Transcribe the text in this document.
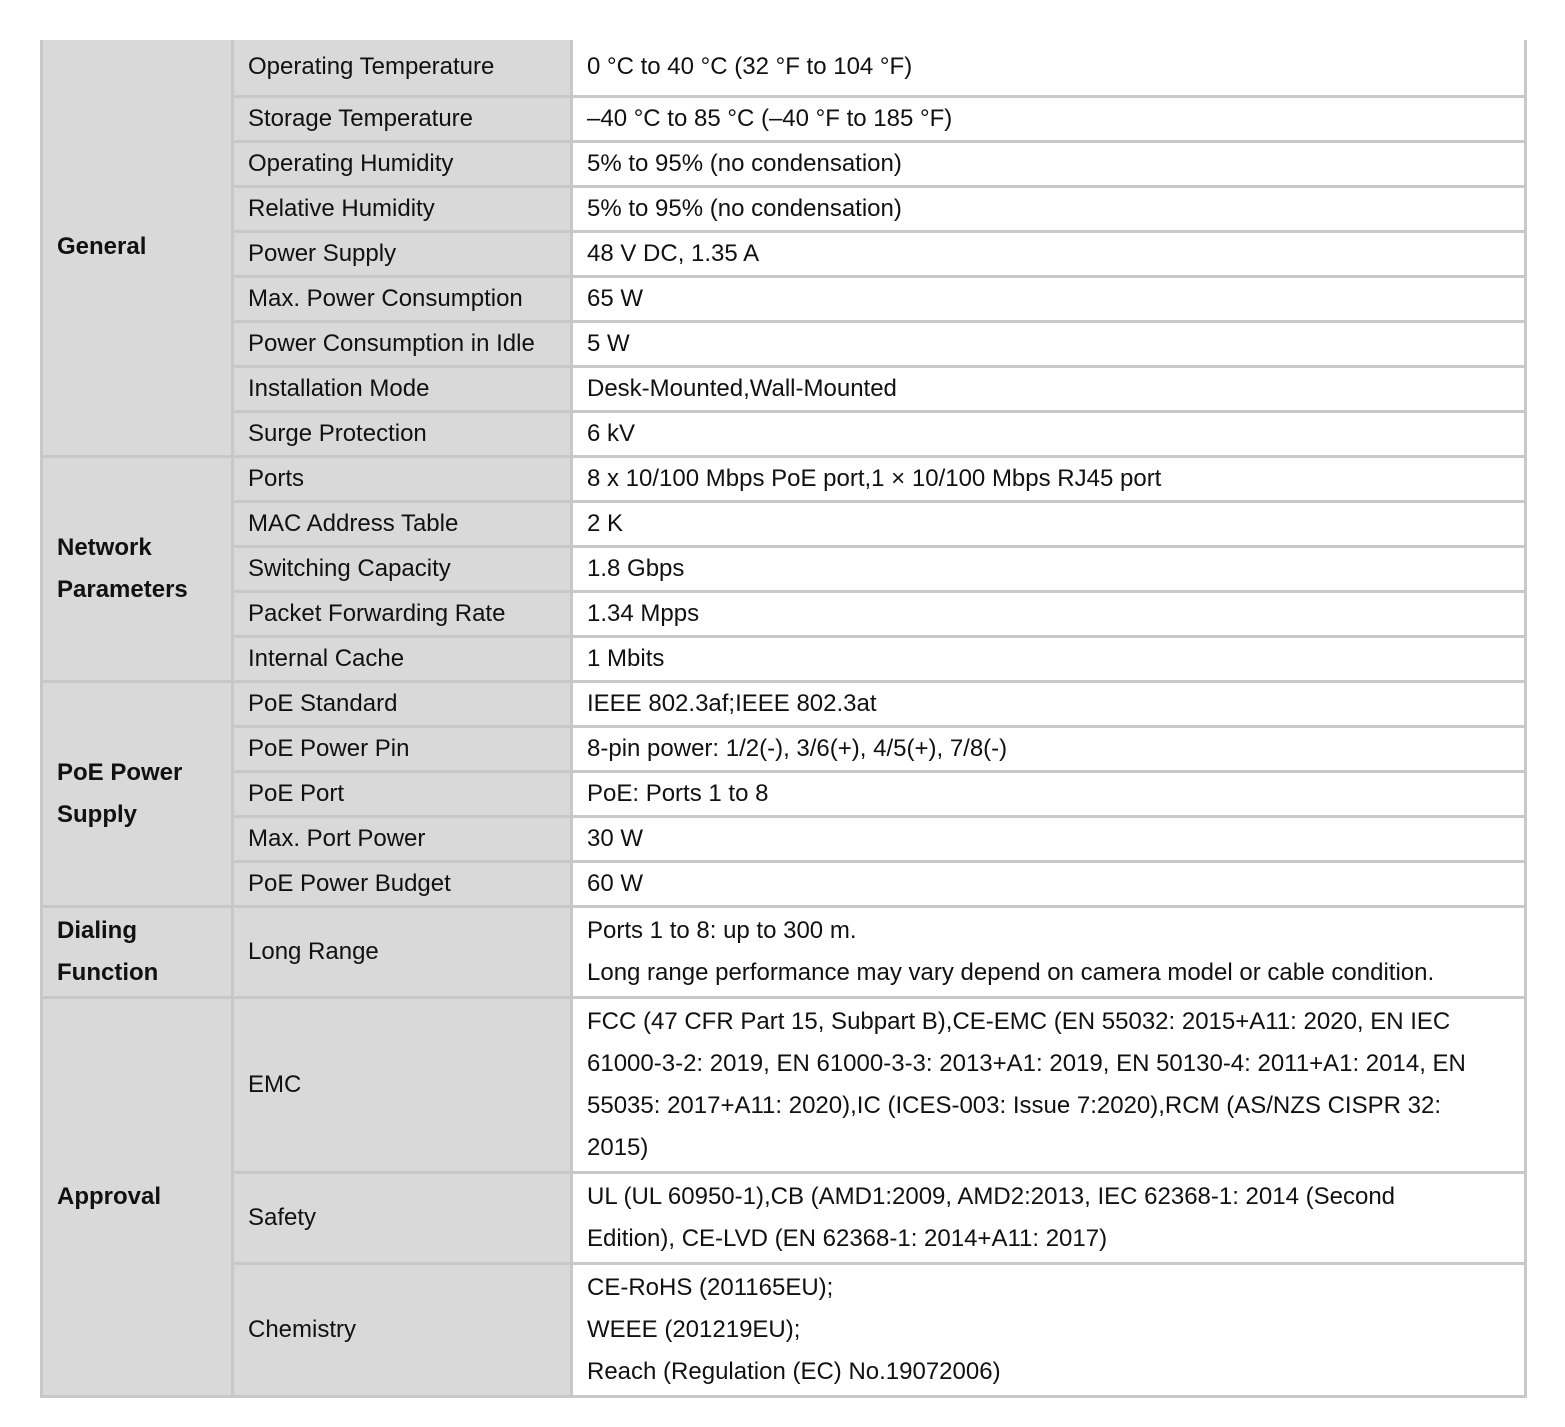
General	Operating Temperature	0 °C to 40 °C (32 °F to 104 °F)

	Storage Temperature	–40 °C to 85 °C (–40 °F to 185 °F)

	Operating Humidity	5% to 95% (no condensation)

	Relative Humidity	5% to 95% (no condensation)

	Power Supply	48 V DC, 1.35 A

	Max. Power Consumption	65 W

	Power Consumption in Idle	5 W

	Installation Mode	Desk-Mounted,Wall-Mounted

	Surge Protection	6 kV

Network Parameters	Ports	8 x 10/100 Mbps PoE port,1 × 10/100 Mbps RJ45 port

	MAC Address Table	2 K

	Switching Capacity	1.8 Gbps

	Packet Forwarding Rate	1.34 Mpps

	Internal Cache	1 Mbits

PoE Power Supply	PoE Standard	IEEE 802.3af;IEEE 802.3at

	PoE Power Pin	8-pin power: 1/2(-), 3/6(+), 4/5(+), 7/8(-)

	PoE Port	PoE: Ports 1 to 8

	Max. Port Power	30 W

	PoE Power Budget	60 W

Dialing Function	Long Range	Ports 1 to 8: up to 300 m.
Long range performance may vary depend on camera model or cable condition.

Approval	EMC	FCC (47 CFR Part 15, Subpart B),CE-EMC (EN 55032: 2015+A11: 2020, EN IEC
61000-3-2: 2019, EN 61000-3-3: 2013+A1: 2019, EN 50130-4: 2011+A1: 2014, EN
55035: 2017+A11: 2020),IC (ICES-003: Issue 7:2020),RCM (AS/NZS CISPR 32:
2015)

	Safety	UL (UL 60950-1),CB (AMD1:2009, AMD2:2013, IEC 62368-1: 2014 (Second
Edition), CE-LVD (EN 62368-1: 2014+A11: 2017)

	Chemistry	CE-RoHS (201165EU);
WEEE (201219EU);
Reach (Regulation (EC) No.19072006)
